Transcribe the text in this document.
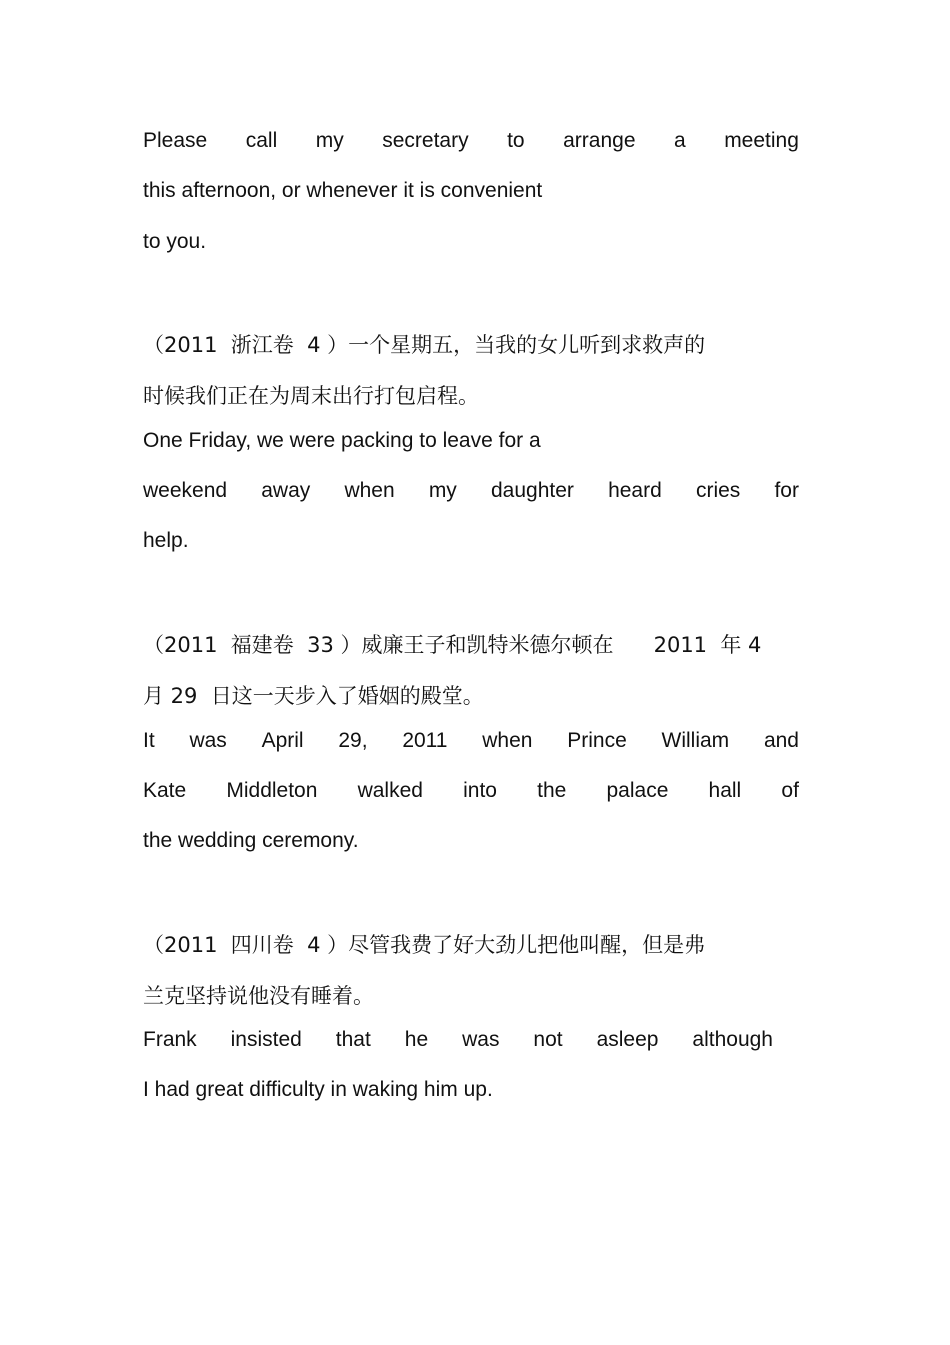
Please call my secretary to arrange a meeting
this afternoon, or whenever it is convenient
to you.
（2011  浙江卷  4 ）一个星期五，当我的女儿听到求救声的
时候我们正在为周末出行打包启程。
One Friday, we were packing to leave for a
weekend away when my daughter heard cries for
help.
（2011  福建卷  33 ）威廉王子和凯特米德尔顿在      2011  年 4
月 29  日这一天步入了婚姻的殿堂。
It was April 29, 2011 when Prince William and
Kate Middleton walked into the palace hall of
the wedding ceremony.
（2011  四川卷  4 ）尽管我费了好大劲儿把他叫醒，但是弗
兰克坚持说他没有睡着。
Frank insisted that he was not asleep although
I had great difficulty in waking him up.
